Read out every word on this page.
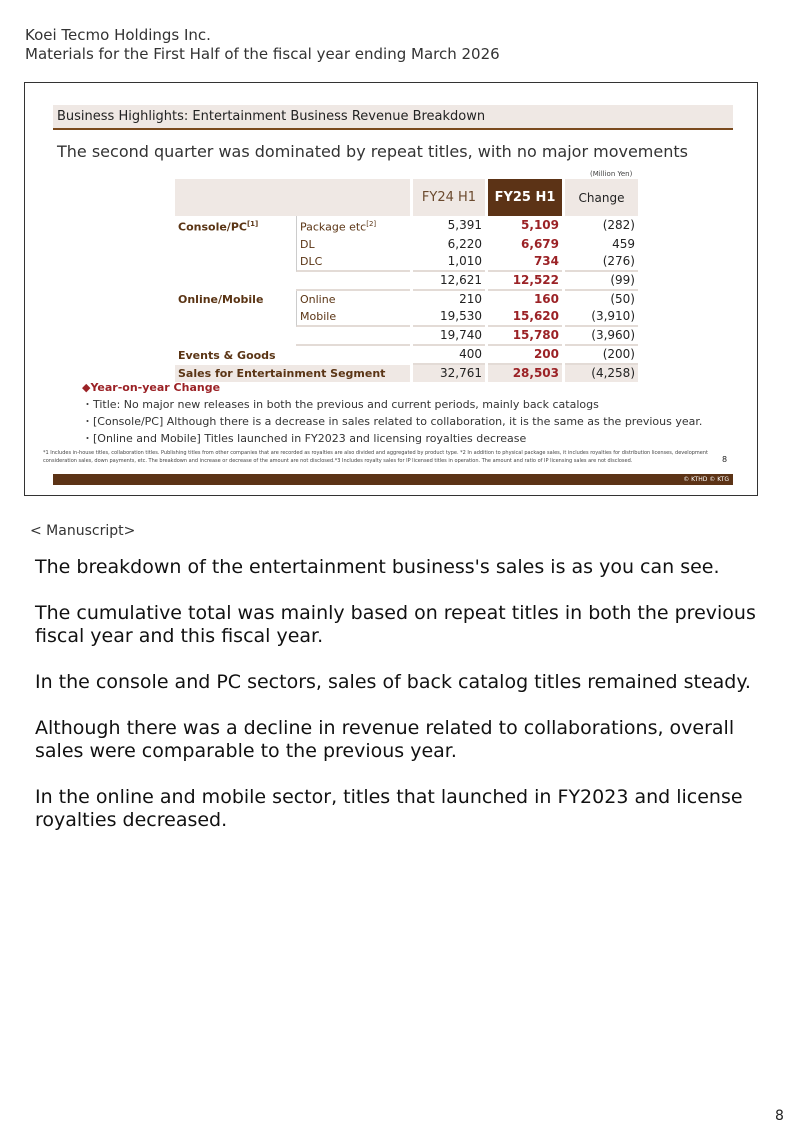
Koei Tecmo Holdings Inc.
Materials for the First Half of the fiscal year ending March 2026
Business Highlights: Entertainment Business Revenue Breakdown
The second quarter was dominated by repeat titles, with no major movements
(Million Yen)
		FY24 H1	FY25 H1	Change
Console/PC[1]	Package etc[2]	5,391	5,109	(282)
	DL	6,220	6,679	459
	DLC	1,010	734	(276)
		12,621	12,522	(99)
Online/Mobile	Online	210	160	(50)
	Mobile	19,530	15,620	(3,910)
		19,740	15,780	(3,960)
Events & Goods		400	200	(200)
Sales for Entertainment Segment		32,761	28,503	(4,258)
◆Year-on-year Change
・Title: No major new releases in both the previous and current periods, mainly back catalogs
・[Console/PC] Although there is a decrease in sales related to collaboration, it is the same as the previous year.
・[Online and Mobile] Titles launched in FY2023 and licensing royalties decrease
*1 Includes in-house titles, collaboration titles. Publishing titles from other companies that are recorded as royalties are also divided and aggregated by product type. *2 In addition to physical package sales, it includes royalties for distribution licenses, development consideration sales, down payments, etc. The breakdown and increase or decrease of the amount are not disclosed.*3 Includes royalty sales for IP licensed titles in operation. The amount and ratio of IP licensing sales are not disclosed.	8
© KTHD © KTG
< Manuscript>

The breakdown of the entertainment business's sales is as you can see.

The cumulative total was mainly based on repeat titles in both the previous fiscal year and this fiscal year.

In the console and PC sectors, sales of back catalog titles remained steady.

Although there was a decline in revenue related to collaborations, overall sales were comparable to the previous year.

In the online and mobile sector, titles that launched in FY2023 and license royalties decreased.

8
